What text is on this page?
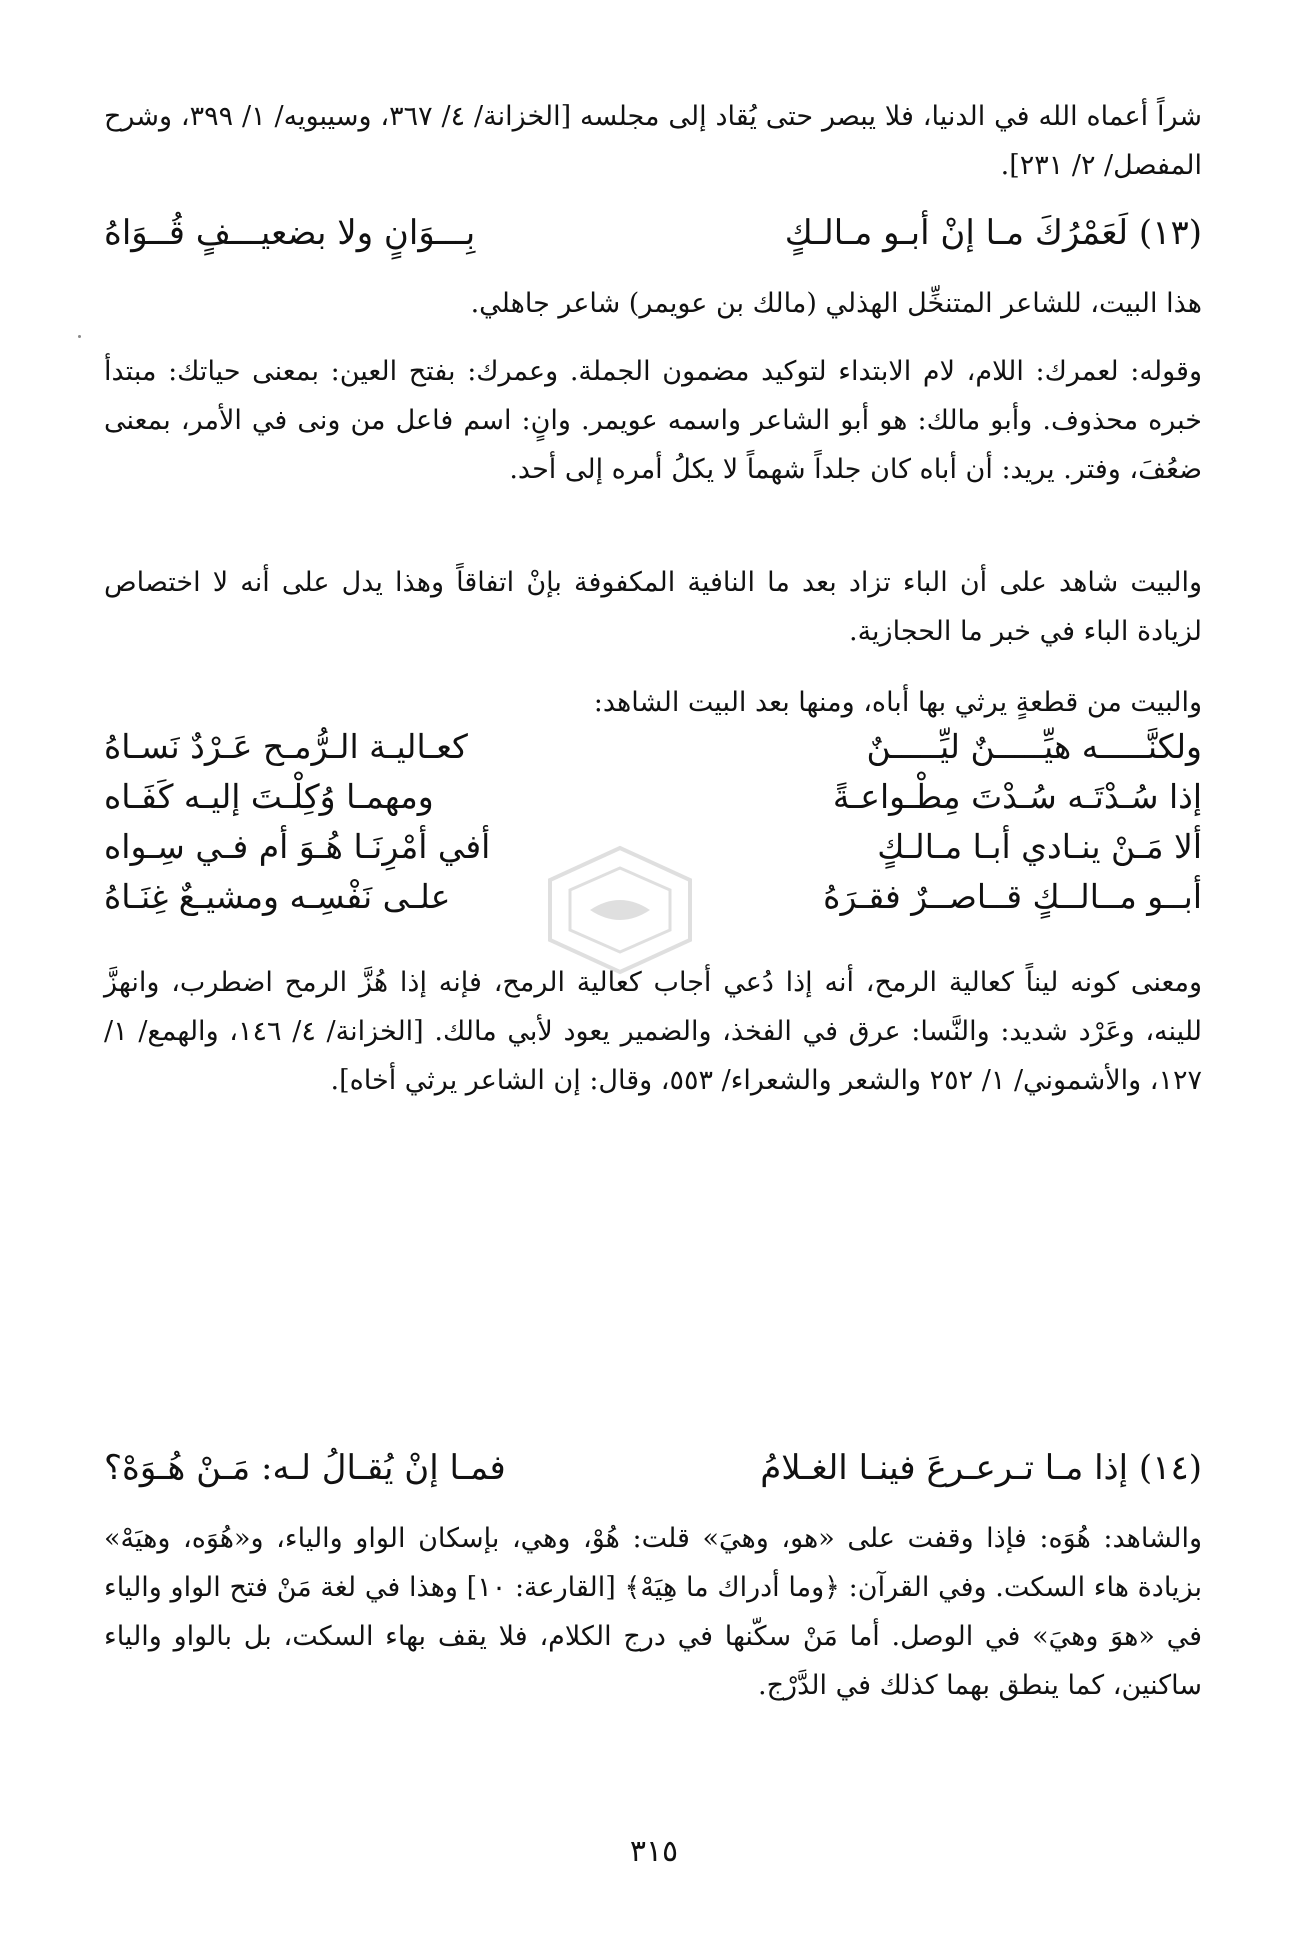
شراً أعماه الله في الدنيا، فلا يبصر حتى يُقاد إلى مجلسه [الخزانة/ ٤/ ٣٦٧، وسيبويه/ ١/ ٣٩٩، وشرح المفصل/ ٢/ ٢٣١].
(١٣) لَعَمْرُكَ مـا إنْ أبـو مـالـكٍ
بِـــوَانٍ ولا بضعيـــفٍ قُــوَاهُ
هذا البيت، للشاعر المتنخِّل الهذلي (مالك بن عويمر) شاعر جاهلي.
وقوله: لعمرك: اللام، لام الابتداء لتوكيد مضمون الجملة. وعمرك: بفتح العين: بمعنى حياتك: مبتدأ خبره محذوف. وأبو مالك: هو أبو الشاعر واسمه عويمر. وانٍ: اسم فاعل من ونى في الأمر، بمعنى ضعُفَ، وفتر. يريد: أن أباه كان جلداً شهماً لا يكلُ أمره إلى أحد.
والبيت شاهد على أن الباء تزاد بعد ما النافية المكفوفة بإنْ اتفاقاً وهذا يدل على أنه لا اختصاص لزيادة الباء في خبر ما الحجازية.
والبيت من قطعةٍ يرثي بها أباه، ومنها بعد البيت الشاهد:
ولكنَّـــــه هيِّـــــنٌ ليِّـــــنٌ
كعـاليـة الـرُّمـح عَـرْدٌ نَسـاهُ
إذا سُـدْتَـه سُـدْتَ مِطْـواعـةً
ومهمـا وُكِلْـتَ إليـه كَفَـاه
ألا مَـنْ ينـادي أبـا مـالـكٍ
أفي أمْرِنَـا هُـوَ أم فـي سِـواه
أبــو مــالــكٍ قــاصــرٌ فقـرَهُ
علـى نَفْسِـه ومشيـعٌ غِنَـاهُ
ومعنى كونه ليناً كعالية الرمح، أنه إذا دُعي أجاب كعالية الرمح، فإنه إذا هُزَّ الرمح اضطرب، وانهزَّ للينه، وعَرْد شديد: والنَّسا: عرق في الفخذ، والضمير يعود لأبي مالك. [الخزانة/ ٤/ ١٤٦، والهمع/ ١/ ١٢٧، والأشموني/ ١/ ٢٥٢ والشعر والشعراء/ ٥٥٣، وقال: إن الشاعر يرثي أخاه].
(١٤) إذا مـا تـرعـرعَ فينـا الغـلامُ
فمـا إنْ يُقـالُ لـه: مَـنْ هُـوَهْ؟
والشاهد: هُوَه: فإذا وقفت على «هو، وهيَ» قلت: هُوْ، وهي، بإسكان الواو والياء، و«هُوَه، وهيَهْ» بزيادة هاء السكت. وفي القرآن: ﴿وما أدراك ما هِيَهْ﴾ [القارعة: ١٠] وهذا في لغة مَنْ فتح الواو والياء في «هوَ وهيَ» في الوصل. أما مَنْ سكّنها في درج الكلام، فلا يقف بهاء السكت، بل بالواو والياء ساكنين، كما ينطق بهما كذلك في الدَّرْج.
٣١٥
